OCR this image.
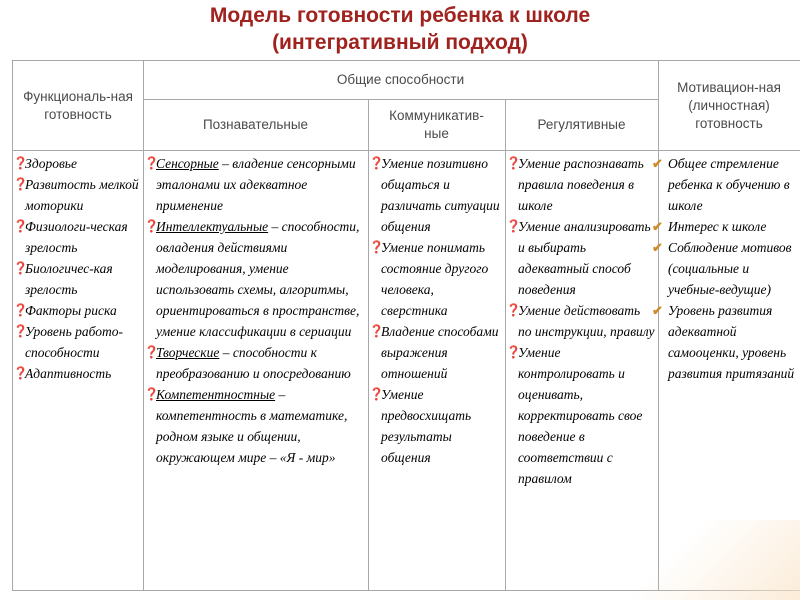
Модель готовности ребенка к школе
(интегративный подход)
Функциональ-ная готовность
Общие способности
Познавательные
Коммуникатив-ные
Регулятивные
Мотивацион-ная (личностная) готовность
❓
Здоровье
❓
Развитость мелкой моторики
❓
Физиологи-ческая зрелость
❓
Биологичес-кая зрелость
❓
Факторы риска
❓
Уровень работо-способности
❓
Адаптивность
❓
Сенсорные – владение сенсорными эталонами их адекватное применение
❓
Интеллектуальные – способности, овладения действиями моделирования, умение использовать схемы, алгоритмы, ориентироваться в пространстве, умение классификации в сериации
❓
Творческие – способности к преобразованию и опосредованию
❓
Компетентностные – компетентность в математике, родном языке и общении, окружающем мире – «Я - мир»
❓
Умение позитивно общаться и различать ситуации общения
❓
Умение понимать состояние другого человека, сверстника
❓
Владение способами выражения отношений
❓
Умение предвосхищать результаты общения
❓
Умение распознавать правила поведения в школе
❓
Умение анализировать и выбирать адекватный способ поведения
❓
Умение действовать по инструкции, правилу
❓
Умение контролировать и оценивать, корректировать свое поведение в соответствии с правилом
✔ Общее стремление ребенка к обучению в школе
✔ Интерес к школе
✔ Соблюдение мотивов (социальные и учебные-ведущие)
✔ Уровень развития адекватной самооценки, уровень развития притязаний
